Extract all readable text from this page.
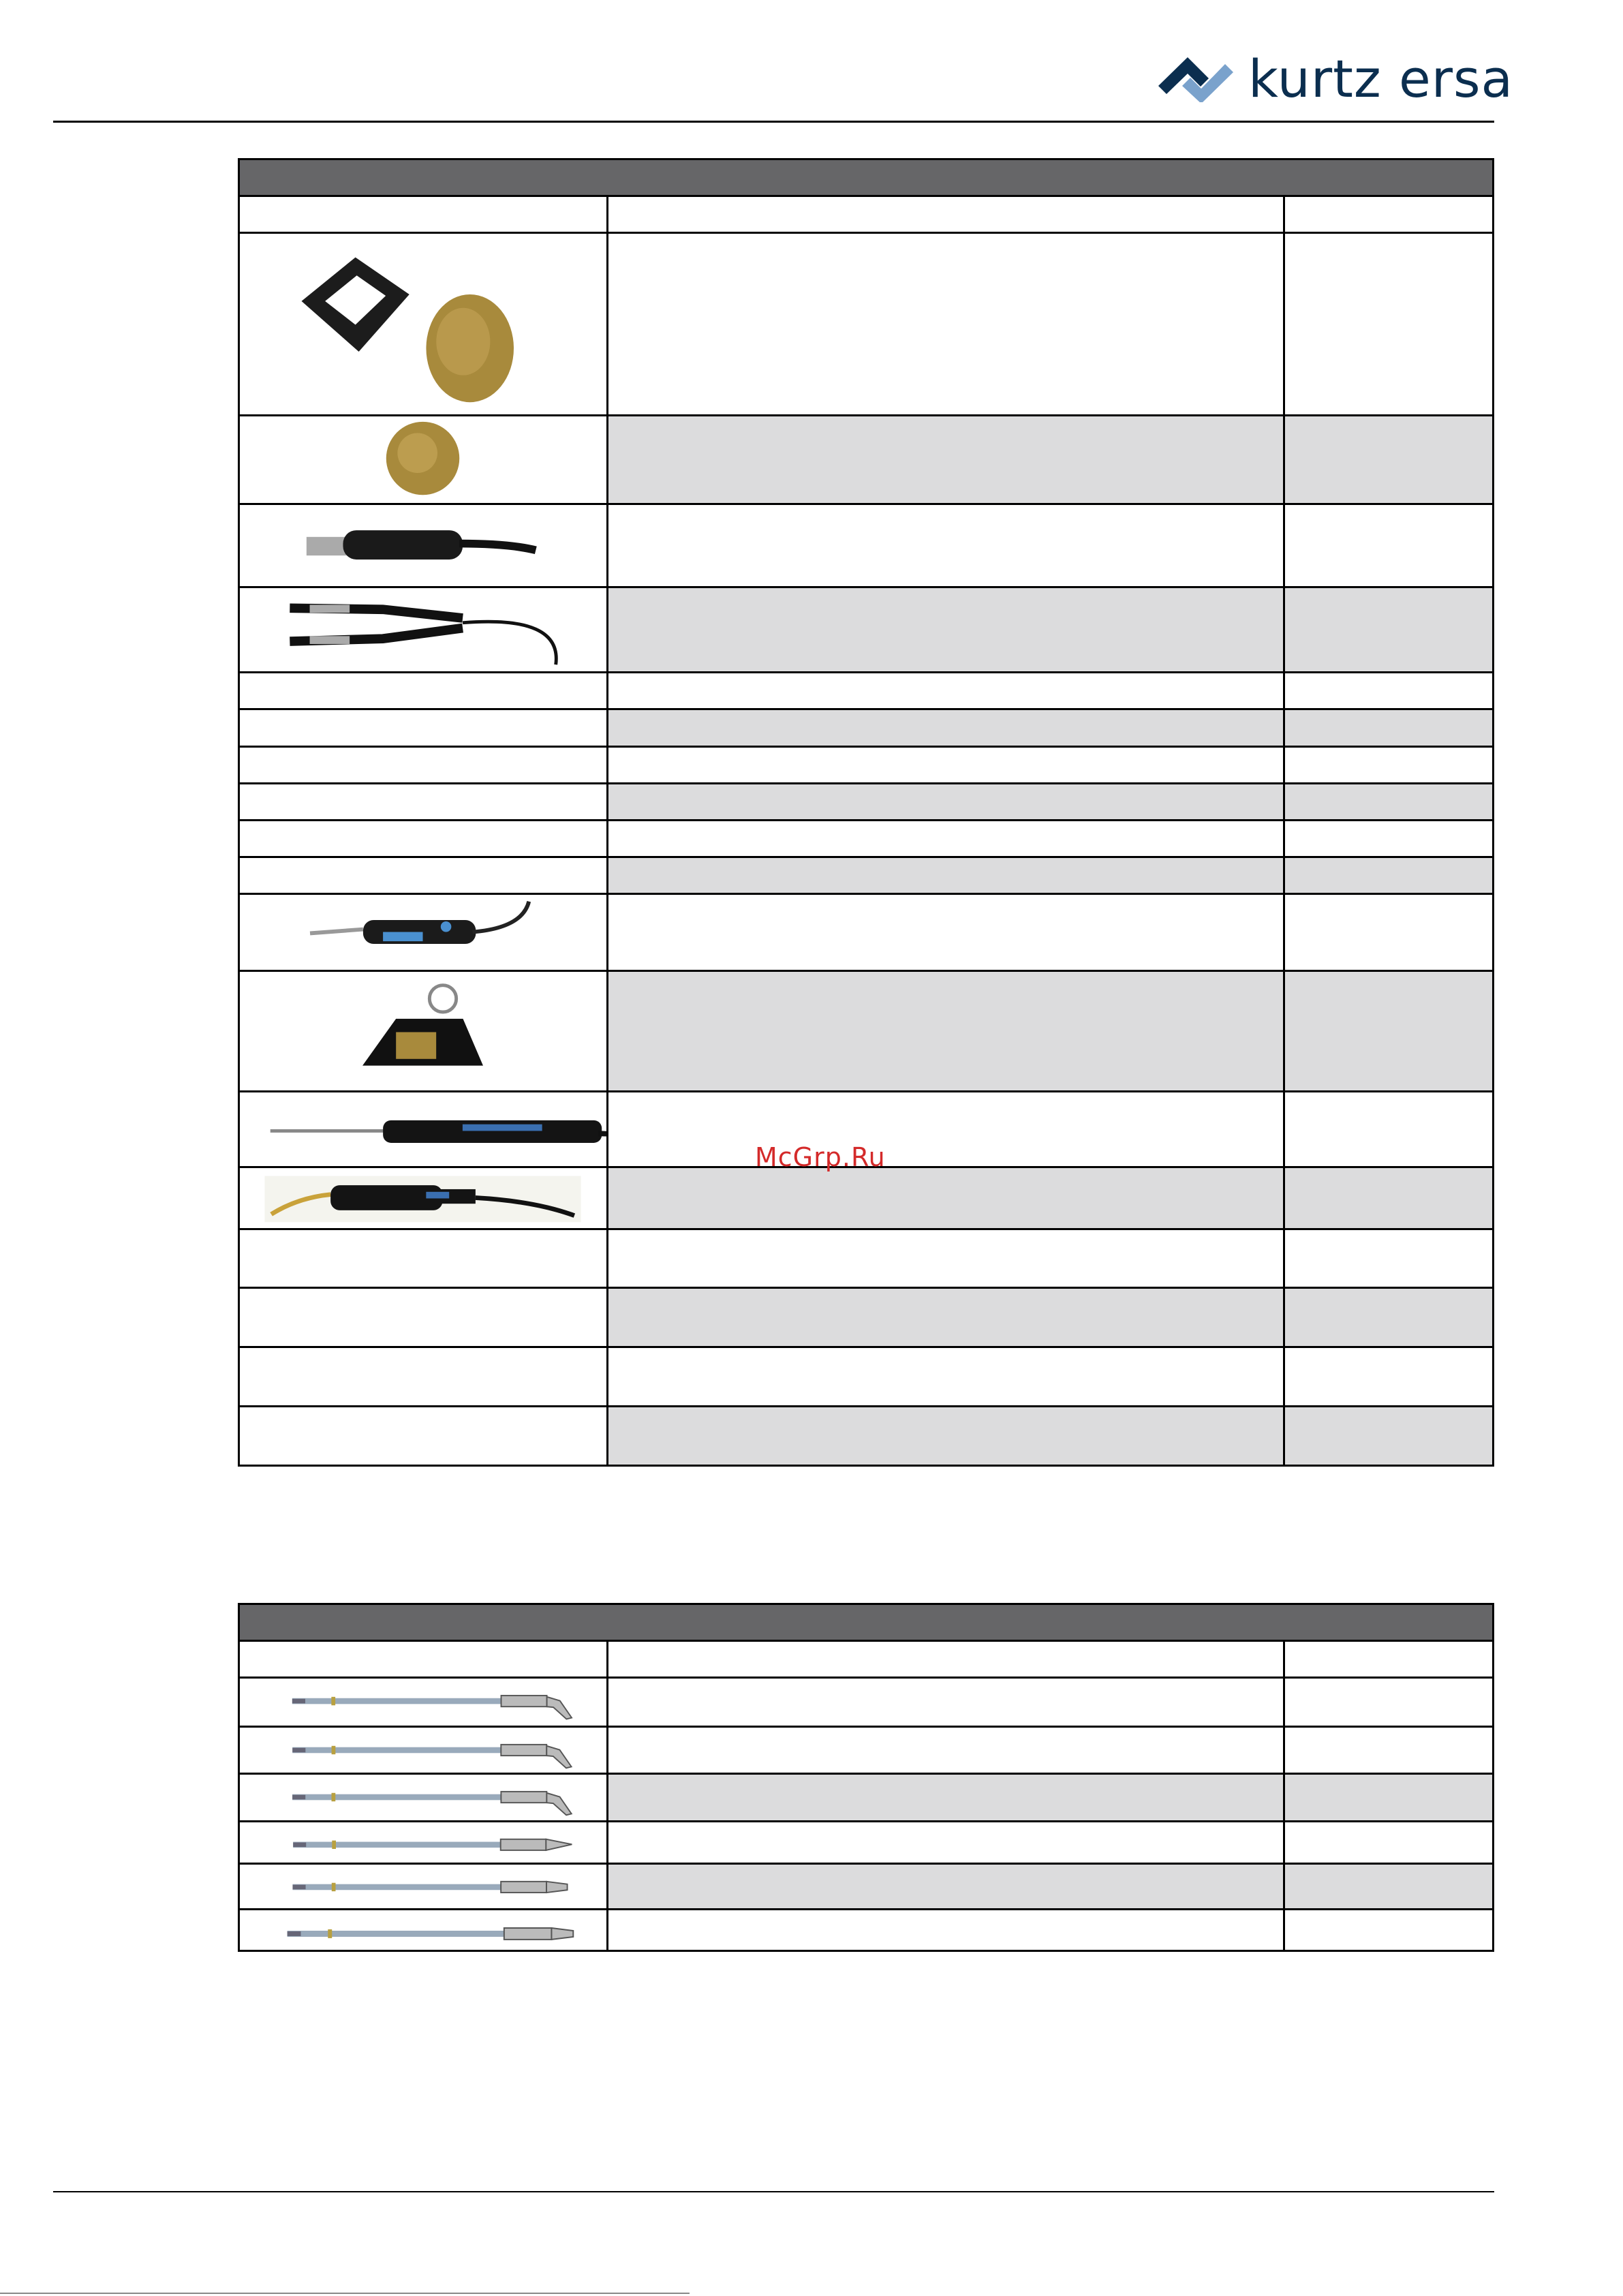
kurtz ersa
McGrp.Ru
